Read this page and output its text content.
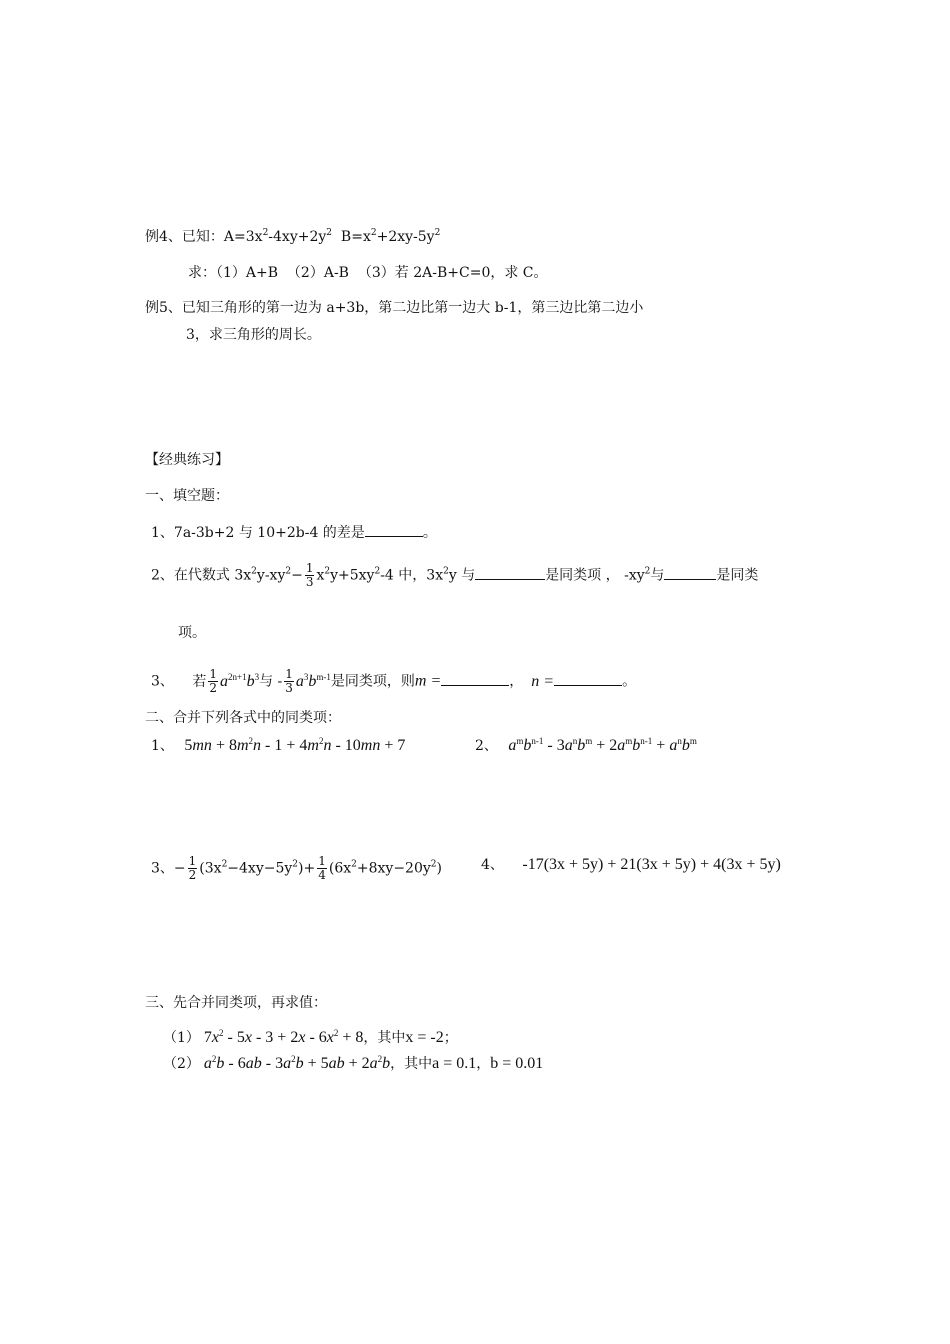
例4、已知：$A=3x^2-4xy+2y^2$  $B=x^2+2xy-5y^2$
求：（1）A+B  （2）A-B  （3）若 2A-B+C=0，求 C。
例5、已知三角形的第一边为 a+3b，第二边比第一边大 b-1，第三边比第二边小
3，求三角形的周长。
【经典练习】
一、填空题：
1、7a-3b+2 与 10+2b-4 的差是	。
2、在代数式 $3x^2y-xy^2- \frac{1}{3} x^2y+5xy^2-4$ 中，$3x^2y$ 与	是同类项 ， $-xy^2$与	是同类
项。
3、 若 $\frac{1}{2} a^{2n+1}b^3$与 - $\frac{1}{3} a^3b^{m-1}$是同类项，则m =	， n =	。
二、合并下列各式中的同类项：
1、 $5mn + 8m^2n - 1 + 4m^2n - 10mn + 7$	2、 $a^mb^{n-1} - 3a^nb^m + 2a^mb^{n-1} + a^nb^m$
3、− $\frac{1}{2} (3x^2-4xy-5y^2)+ \frac{1}{4} (6x^2+8xy-20y^2)$	4、 -17(3x + 5y) + 21(3x + 5y) + 4(3x + 5y)
三、先合并同类项，再求值：
（1） $7x^2 - 5x - 3 + 2x - 6x^2 + 8$，其中x = -2；
（2） $a^2b - 6ab - 3a^2b + 5ab + 2a^2b$，其中a = 0.1，b = 0.01
